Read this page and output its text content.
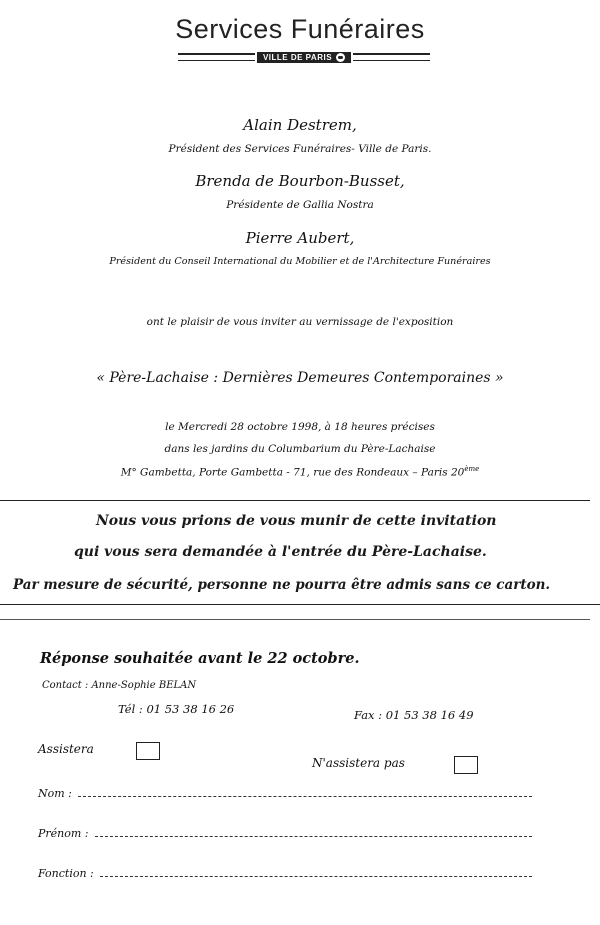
Services Funéraires
VILLE DE PARIS
Alain Destrem,
Président des Services Funéraires- Ville de Paris.
Brenda de Bourbon-Busset,
Présidente de Gallia Nostra
Pierre Aubert,
Président du Conseil International du Mobilier et de l'Architecture Funéraires
ont le plaisir de vous inviter au vernissage de l'exposition
« Père-Lachaise : Dernières Demeures Contemporaines »
le Mercredi 28 octobre 1998, à 18 heures précises
dans les jardins du Columbarium du Père-Lachaise
M° Gambetta, Porte Gambetta - 71, rue des Rondeaux – Paris 20ème
Nous vous prions de vous munir de cette invitation
qui vous sera demandée à l'entrée du Père-Lachaise.
Par mesure de sécurité, personne ne pourra être admis sans ce carton.
Réponse souhaitée avant le 22 octobre.
Contact : Anne-Sophie BELAN
Tél : 01 53 38 16 26	Fax : 01 53 38 16 49
Assistera
N'assistera pas
Nom :
Prénom :
Fonction :
